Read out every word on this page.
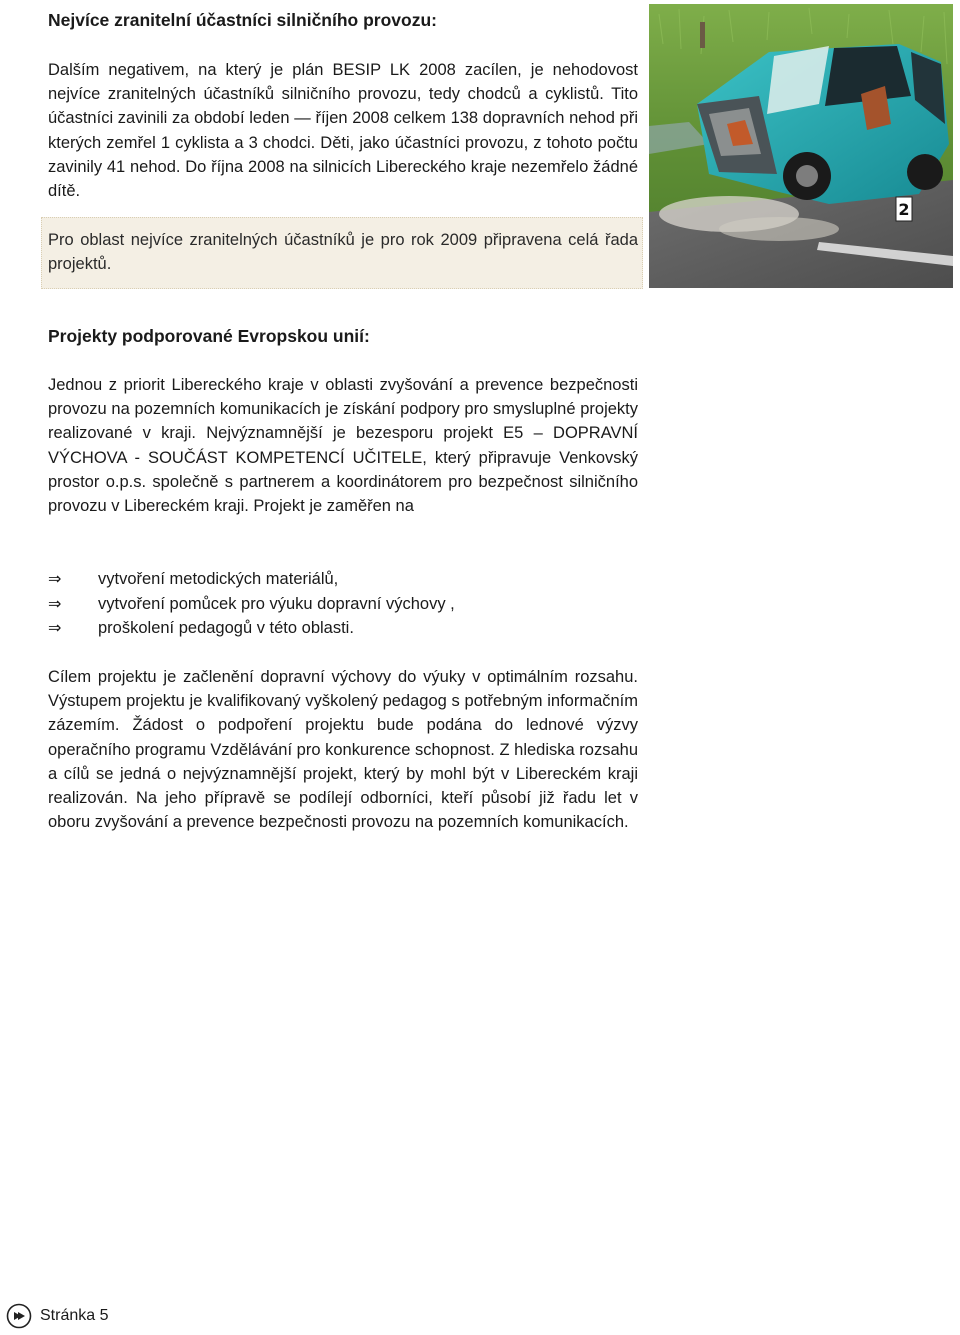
Nejvíce zranitelní účastníci silničního provozu:

Dalším negativem, na který je plán BESIP LK 2008 zacílen, je nehodovost nejvíce zranitelných účastníků silničního provozu, tedy chodců a cyklistů. Tito účastníci zavinili za období leden — říjen 2008 celkem 138 dopravních nehod při kterých zemřel 1 cyklista a 3 chodci. Děti, jako účastníci provozu, z tohoto počtu zavinily 41 nehod. Do října 2008 na silnicích Libereckého kraje nezemřelo žádné dítě.

Pro oblast nejvíce zranitelných účastníků je pro rok 2009 připravena celá řada projektů.

2
Projekty podporované Evropskou unií:

Jednou z priorit Libereckého kraje v oblasti zvyšování a prevence bezpečnosti provozu na pozemních komunikacích je získání podpory pro smysluplné projekty realizované v kraji. Nejvýznamnější je bezesporu projekt E5 – DOPRAVNÍ VÝCHOVA - SOUČÁST KOMPETENCÍ UČITELE, který připravuje Venkovský prostor o.p.s. společně s partnerem a koordinátorem pro bezpečnost silničního provozu v Libereckém kraji. Projekt je zaměřen na

⇒	vytvoření metodických materiálů,
⇒	vytvoření pomůcek pro výuku dopravní výchovy ,
⇒	proškolení pedagogů v této oblasti.

Cílem projektu je začlenění dopravní výchovy do výuky v optimálním rozsahu. Výstupem projektu je kvalifikovaný vyškolený pedagog s potřebným informačním zázemím. Žádost o podpoření projektu bude podána do lednové výzvy operačního programu Vzdělávání pro konkurence schopnost. Z hlediska rozsahu a cílů se jedná o nejvýznamnější projekt, který by mohl být v Libereckém kraji realizován. Na jeho přípravě se podílejí odborníci, kteří působí již řadu let v oboru zvyšování a prevence bezpečnosti provozu na pozemních komunikacích.

Stránka 5
